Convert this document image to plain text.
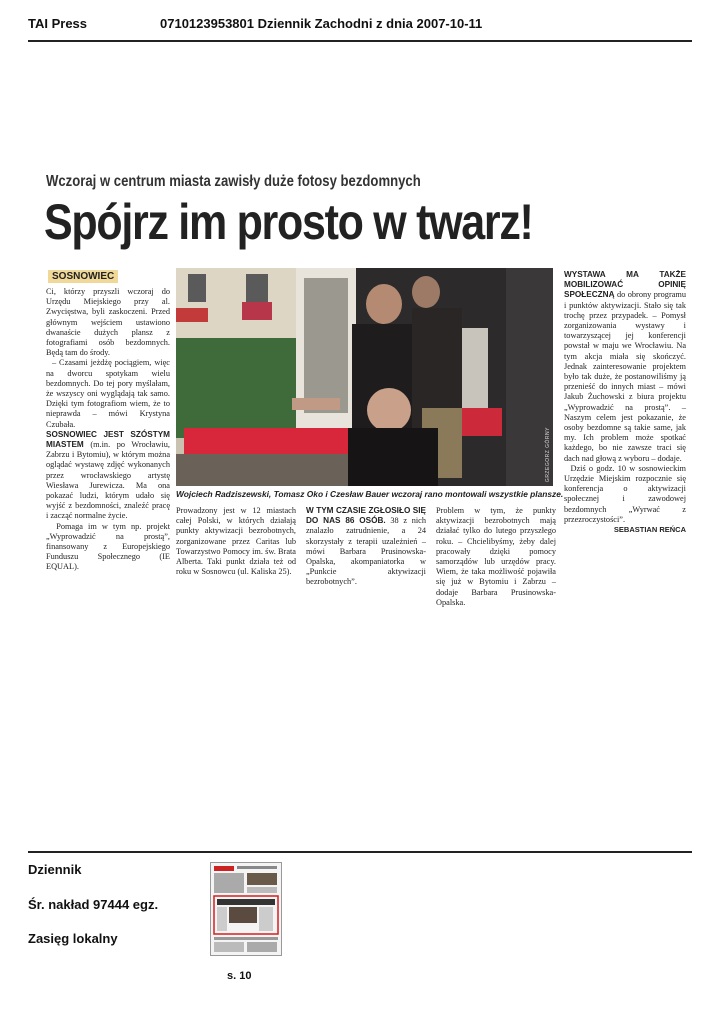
TAI Press	0710123953801 Dziennik Zachodni z dnia 2007-10-11
Wczoraj w centrum miasta zawisły duże fotosy bezdomnych
Spójrz im prosto w twarz!
SOSNOWIEC
Ci, którzy przyszli wczoraj do Urzędu Miejskiego przy al. Zwycięstwa, byli zaskoczeni. Przed głównym wejściem ustawiono dwanaście dużych plansz z fotografiami osób bezdomnych. Będą tam do środy.
– Czasami jeżdżę pociągiem, więc na dworcu spotykam wielu bezdomnych. Do tej pory myślałam, że wszyscy oni wyglądają tak samo. Dzięki tym fotografiom wiem, że to nieprawda – mówi Krystyna Czubała.
SOSNOWIEC JEST SZÓSTYM MIASTEM (m.in. po Wrocławiu, Zabrzu i Bytomiu), w którym można oglądać wystawę zdjęć wykonanych przez wrocławskiego artystę Wiesława Jurewicza. Ma ona pokazać ludzi, którym udało się wyjść z bezdomności, znaleźć pracę i zacząć normalne życie.
Pomaga im w tym np. projekt „Wyprowadzić na prostą”, finansowany z Europejskiego Funduszu Społecznego (IE EQUAL).
GRZEGORZ GÓRNY
Wojciech Radziszewski, Tomasz Oko i Czesław Bauer wczoraj rano montowali wszystkie plansze.
Prowadzony jest w 12 miastach całej Polski, w których działają punkty aktywizacji bezrobotnych, zorganizowane przez Caritas lub Towarzystwo Pomocy im. św. Brata Alberta. Taki punkt działa też od roku w Sosnowcu (ul. Kaliska 25).
W TYM CZASIE ZGŁOSIŁO SIĘ DO NAS 86 OSÓB. 38 z nich znalazło zatrudnienie, a 24 skorzystały z terapii uzależnień – mówi Barbara Prusinowska-Opalska, akompaniatorka w „Punkcie aktywizacji bezrobotnych”.
Problem w tym, że punkty aktywizacji bezrobotnych mają działać tylko do lutego przyszłego roku. – Chcielibyśmy, żeby dalej pracowały dzięki pomocy samorządów lub urzędów pracy. Wiem, że taka możliwość pojawiła się już w Bytomiu i Zabrzu – dodaje Barbara Prusinowska-Opalska.
WYSTAWA MA TAKŻE MOBILIZOWAĆ OPINIĘ SPOŁECZNĄ do obrony programu i punktów aktywizacji. Stało się tak trochę przez przypadek. – Pomysł zorganizowania wystawy i towarzyszącej jej konferencji powstał w maju we Wrocławiu. Na tym akcja miała się skończyć. Jednak zainteresowanie projektem było tak duże, że postanowiliśmy ją przenieść do innych miast – mówi Jakub Żuchowski z biura projektu „Wyprowadzić na prostą”. – Naszym celem jest pokazanie, że osoby bezdomne są takie same, jak my. Ich problem może spotkać każdego, bo nie zawsze traci się dach nad głową z wyboru – dodaje.
Dziś o godz. 10 w sosnowieckim Urzędzie Miejskim rozpocznie się konferencja o aktywizacji społecznej i zawodowej bezdomnych „Wyrwać z przezroczystości”.
SEBASTIAN REŃCA
Dziennik
Śr. nakład 97444 egz.
Zasięg lokalny
s. 10
